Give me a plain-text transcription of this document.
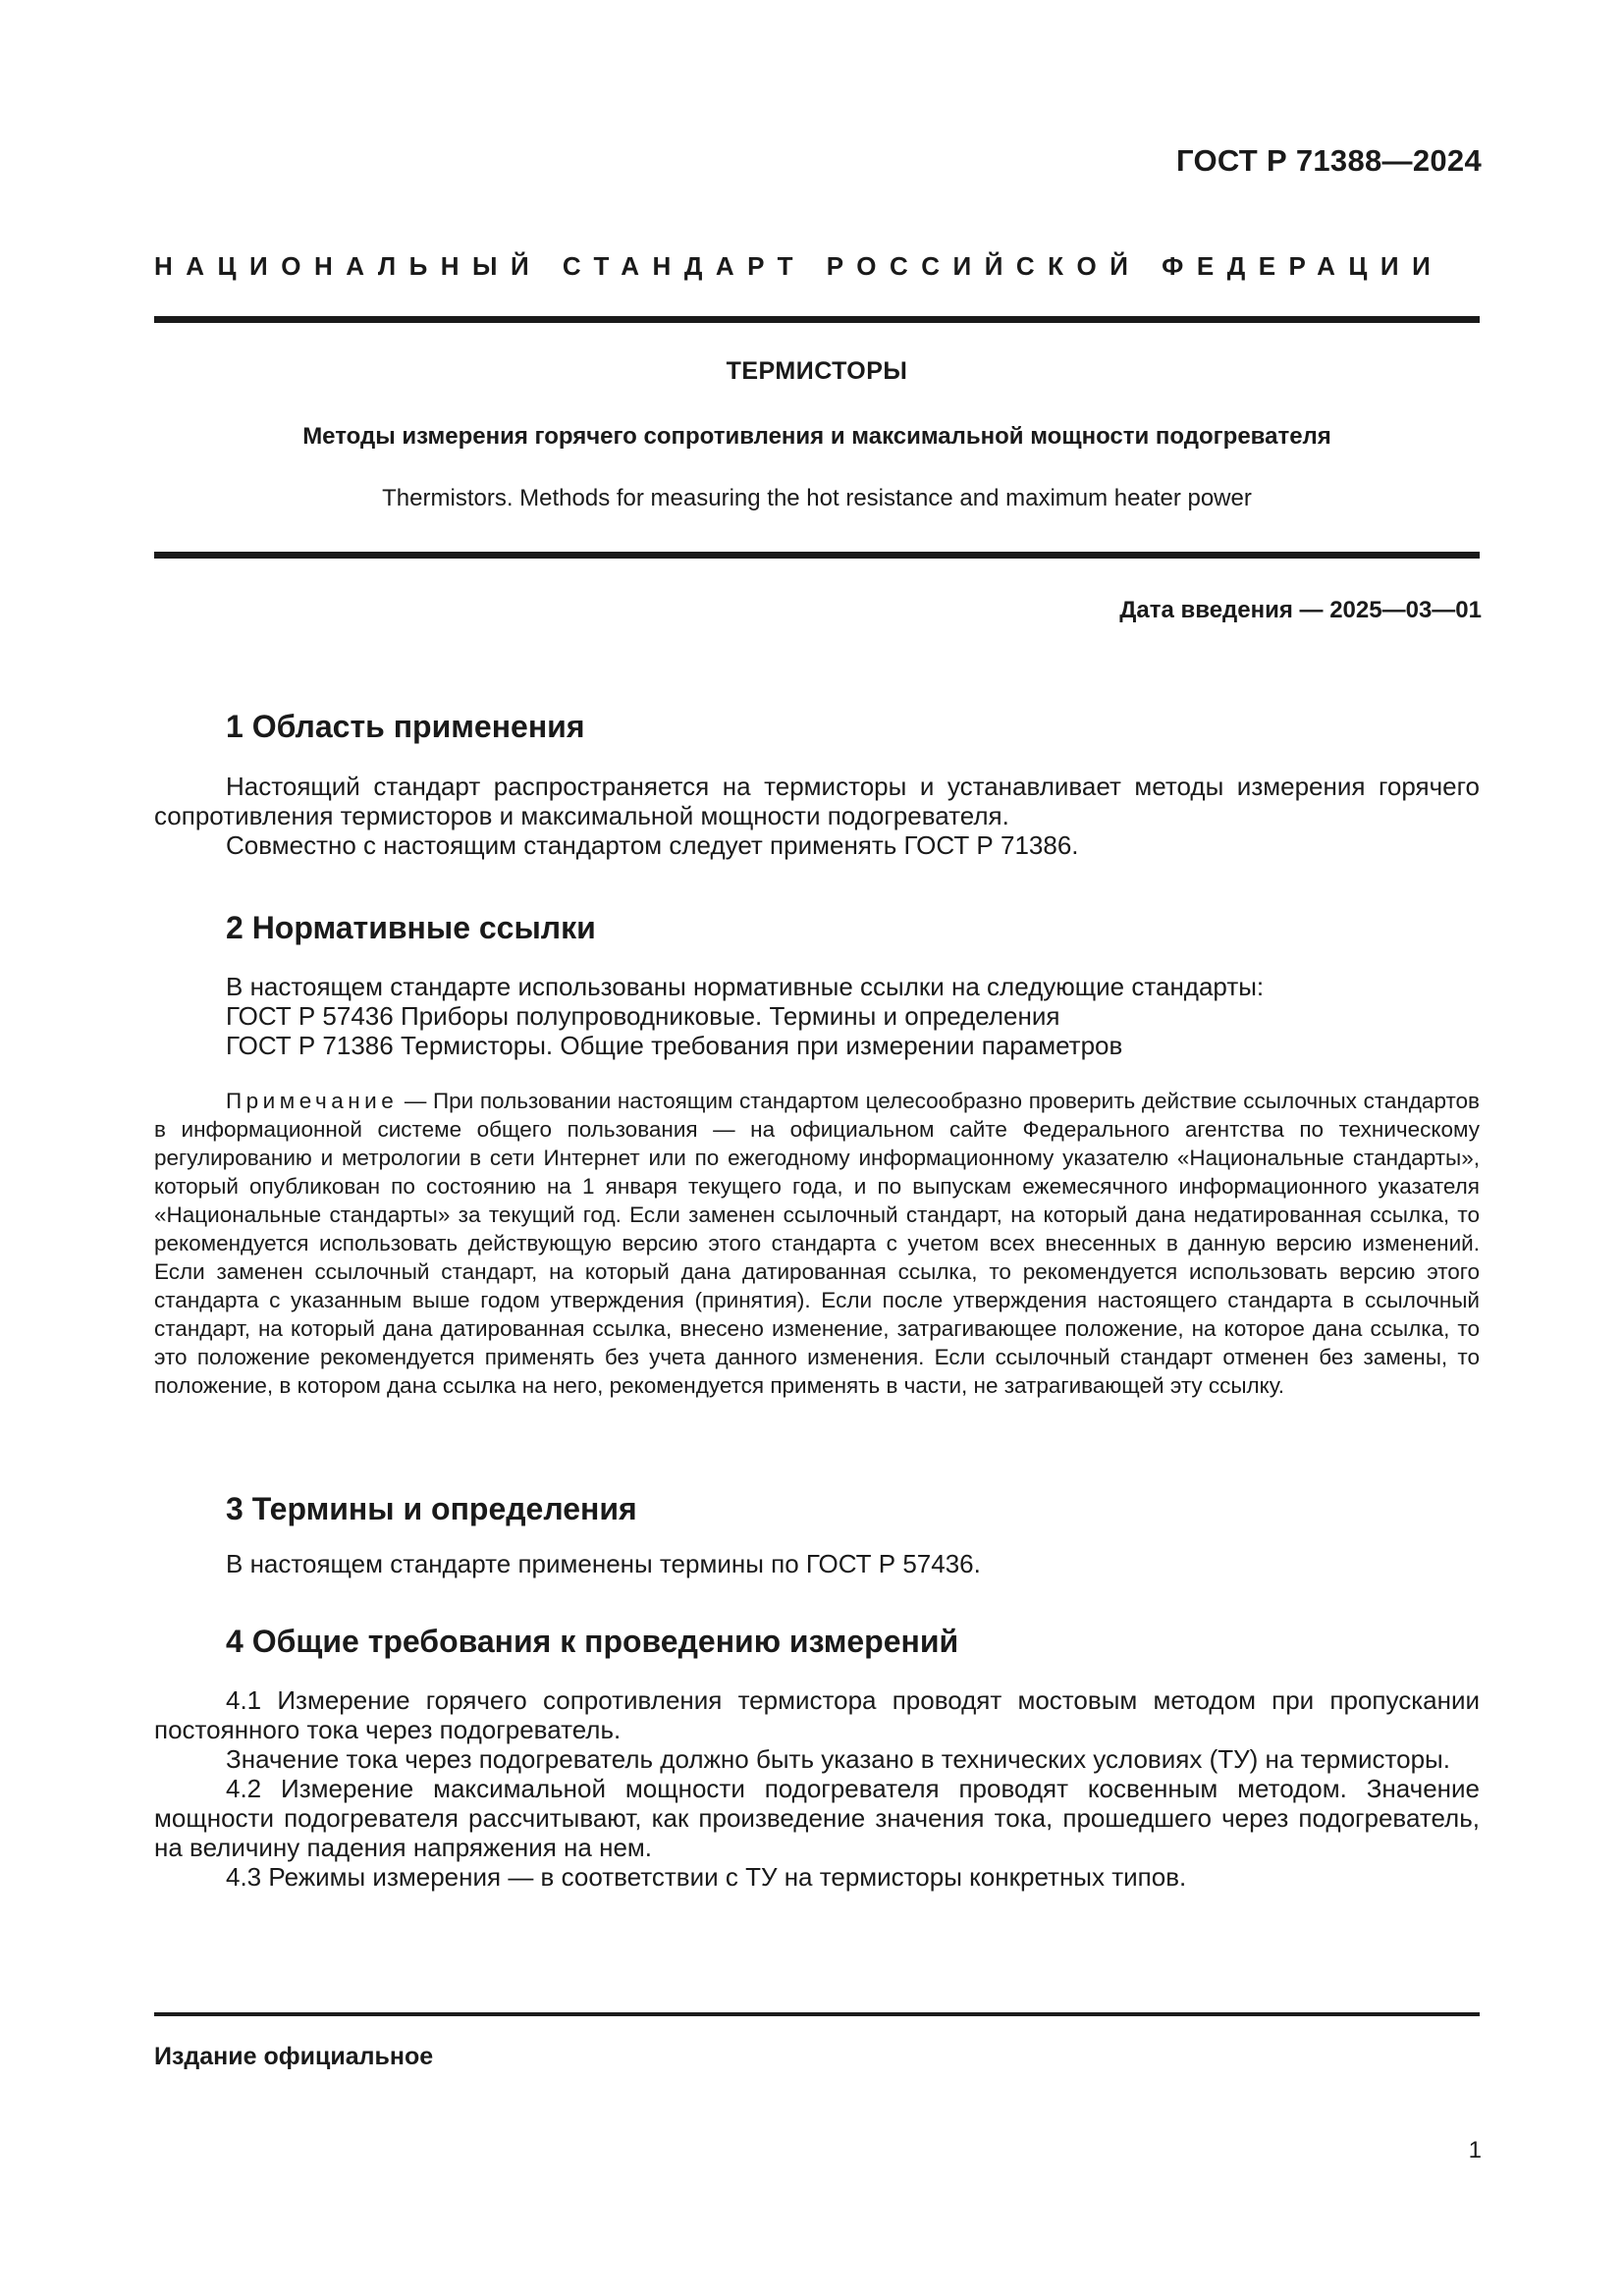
ГОСТ Р 71388—2024
НАЦИОНАЛЬНЫЙ СТАНДАРТ РОССИЙСКОЙ ФЕДЕРАЦИИ
ТЕРМИСТОРЫ
Методы измерения горячего сопротивления и максимальной мощности подогревателя
Thermistors. Methods for measuring the hot resistance and maximum heater power
Дата введения — 2025—03—01
1 Область применения

Настоящий стандарт распространяется на термисторы и устанавливает методы измерения горячего сопротивления термисторов и максимальной мощности подогревателя.

Совместно с настоящим стандартом следует применять ГОСТ Р 71386.

2 Нормативные ссылки

В настоящем стандарте использованы нормативные ссылки на следующие стандарты:

ГОСТ Р 57436 Приборы полупроводниковые. Термины и определения

ГОСТ Р 71386 Термисторы. Общие требования при измерении параметров

Примечание — При пользовании настоящим стандартом целесообразно проверить действие ссылочных стандартов в информационной системе общего пользования — на официальном сайте Федерального агентства по техническому регулированию и метрологии в сети Интернет или по ежегодному информационному указателю «Национальные стандарты», который опубликован по состоянию на 1 января текущего года, и по выпускам ежемесячного информационного указателя «Национальные стандарты» за текущий год. Если заменен ссылочный стандарт, на который дана недатированная ссылка, то рекомендуется использовать действующую версию этого стандарта с учетом всех внесенных в данную версию изменений. Если заменен ссылочный стандарт, на который дана датированная ссылка, то рекомендуется использовать версию этого стандарта с указанным выше годом утверждения (принятия). Если после утверждения настоящего стандарта в ссылочный стандарт, на который дана датированная ссылка, внесено изменение, затрагивающее положение, на которое дана ссылка, то это положение рекомендуется применять без учета данного изменения. Если ссылочный стандарт отменен без замены, то положение, в котором дана ссылка на него, рекомендуется применять в части, не затрагивающей эту ссылку.

3 Термины и определения

В настоящем стандарте применены термины по ГОСТ Р 57436.

4 Общие требования к проведению измерений

4.1 Измерение горячего сопротивления термистора проводят мостовым методом при пропускании постоянного тока через подогреватель.

Значение тока через подогреватель должно быть указано в технических условиях (ТУ) на термисторы.

4.2 Измерение максимальной мощности подогревателя проводят косвенным методом. Значение мощности подогревателя рассчитывают, как произведение значения тока, прошедшего через подогреватель, на величину падения напряжения на нем.

4.3 Режимы измерения — в соответствии с ТУ на термисторы конкретных типов.

Издание официальное
1
